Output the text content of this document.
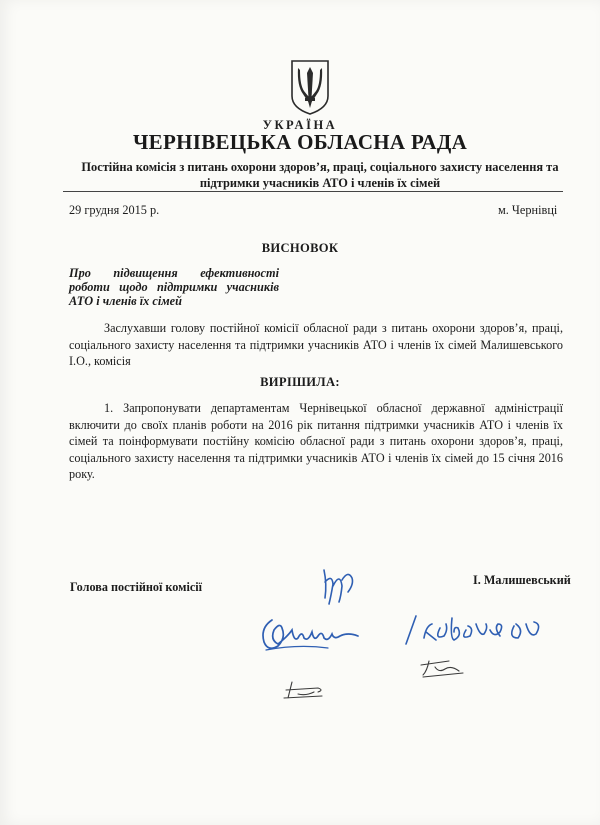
УКРАЇНА
ЧЕРНІВЕЦЬКА ОБЛАСНА РАДА
Постійна комісія з питань охорони здоров’я, праці, соціального захисту населення та
підтримки учасників АТО і членів їх сімей
29 грудня 2015 р.	м. Чернівці
ВИСНОВОК
Про підвищення ефективності роботи щодо підтримки учасників АТО і членів їх сімей
Заслухавши голову постійної комісії обласної ради з питань охорони здоров’я, праці, соціального захисту населення та підтримки учасників АТО і членів їх сімей Малишевського І.О., комісія
ВИРІШИЛА:
1. Запропонувати департаментам Чернівецької обласної державної адміністрації включити до своїх планів роботи на 2016 рік питання підтримки учасників АТО і членів їх сімей та поінформувати постійну комісію обласної ради з питань охорони здоров’я, праці, соціального захисту населення та підтримки учасників АТО і членів їх сімей до 15 січня 2016 року.
Голова постійної комісії	І. Малишевський
